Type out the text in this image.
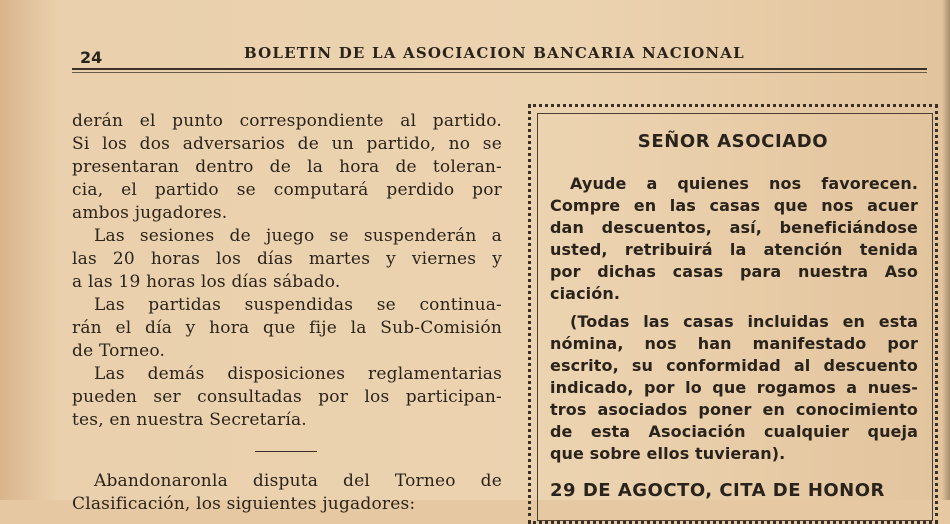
24	BOLETIN DE LA ASOCIACION BANCARIA NACIONAL

derán el punto correspondiente al partido.

Si los dos adversarios de un partido, no se

presentaran dentro de la hora de toleran-

cia, el partido se computará perdido por

ambos jugadores.

Las sesiones de juego se suspenderán a

las 20 horas los días martes y viernes y

a las 19 horas los días sábado.

Las partidas suspendidas se continua-

rán el día y hora que fije la Sub-Comisión

de Torneo.

Las demás disposiciones reglamentarias

pueden ser consultadas por los participan-

tes, en nuestra Secretaría.

Abandonaronla disputa del Torneo de

Clasificación, los siguientes jugadores:

SEÑOR ASOCIADO
Ayude a quienes nos favorecen.
Compre en las casas que nos acuer
dan descuentos, así, beneficiándose
usted, retribuirá la atención tenida
por dichas casas para nuestra Aso
ciación.
(Todas las casas incluidas en esta
nómina, nos han manifestado por
escrito, su conformidad al descuento
indicado, por lo que rogamos a nues-
tros asociados poner en conocimiento
de esta Asociación cualquier queja
que sobre ellos tuvieran).
29 DE AGOCTO, CITA DE HONOR
